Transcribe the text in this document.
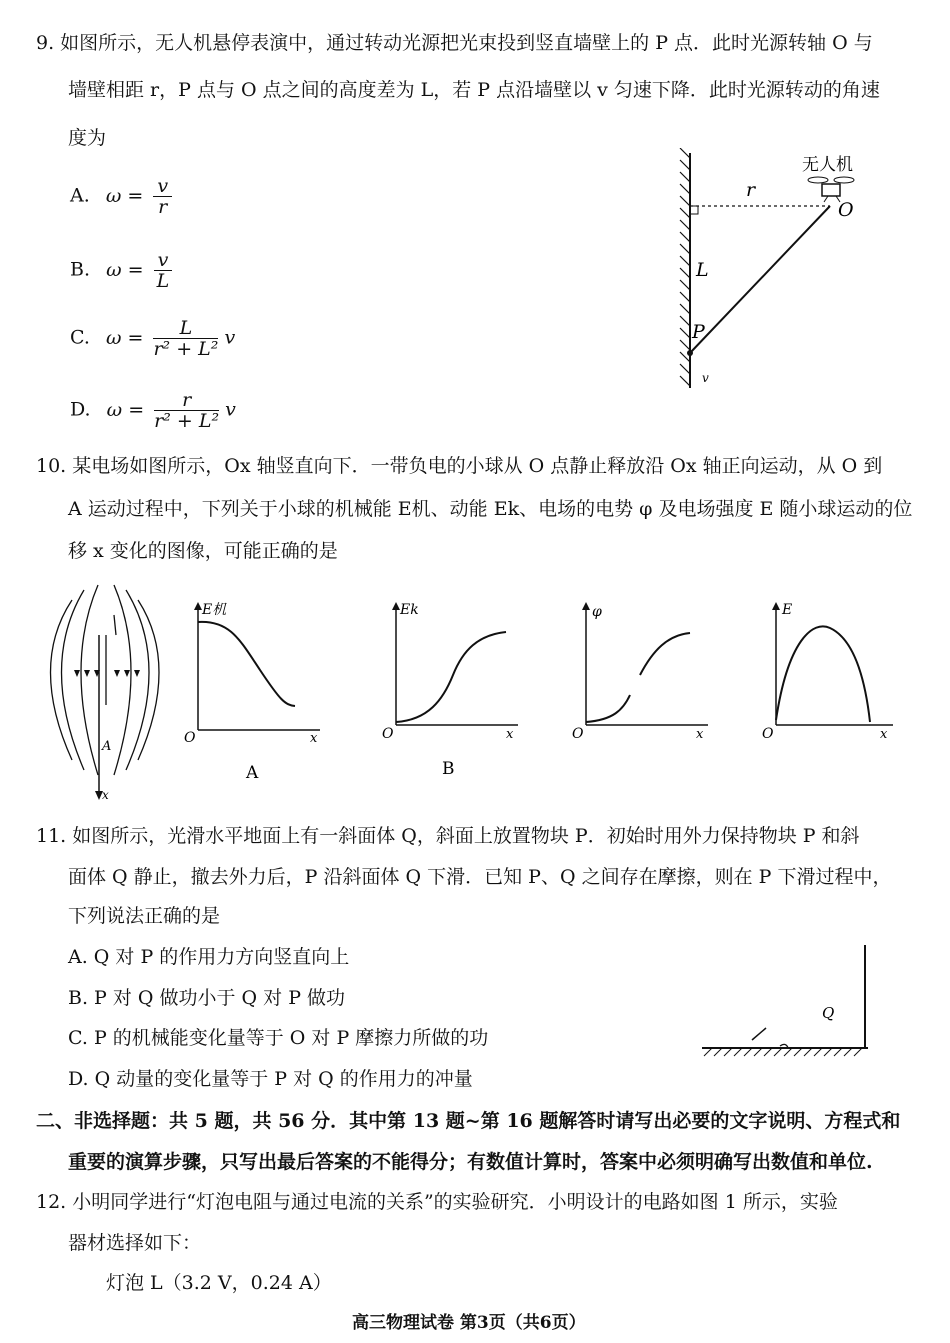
9. 如图所示，无人机悬停表演中，通过转动光源把光束投到竖直墙壁上的 P 点．此时光源转轴 O 与
墙壁相距 r，P 点与 O 点之间的高度差为 L，若 P 点沿墙壁以 v 匀速下降．此时光源转动的角速
度为
A. $\omega = \frac{v}{r}$
B. $\omega = \frac{v}{L}$
C. $\omega = \frac{L}{\text{r² + L²}}$ v
D. $\omega = \frac{r}{\text{r² + L²}}$ v
无人机
r
O
L
P
v
10. 某电场如图所示，Ox 轴竖直向下．一带负电的小球从 O 点静止释放沿 Ox 轴正向运动，从 O 到
A 运动过程中，下列关于小球的机械能 E机、动能 Ek、电场的电势 φ 及电场强度 E 随小球运动的位
移 x 变化的图像，可能正确的是
A
x
E机
O	x
A
Ek
O	x
B
φ
O	x
E
O	x
11. 如图所示，光滑水平地面上有一斜面体 Q，斜面上放置物块 P．初始时用外力保持物块 P 和斜
面体 Q 静止，撤去外力后，P 沿斜面体 Q 下滑．已知 P、Q 之间存在摩擦，则在 P 下滑过程中，
下列说法正确的是
A. Q 对 P 的作用力方向竖直向上
B. P 对 Q 做功小于 Q 对 P 做功
C. P 的机械能变化量等于 O 对 P 摩擦力所做的功
D. Q 动量的变化量等于 P 对 Q 的作用力的冲量
Q
二、非选择题：共 5 题，共 56 分．其中第 13 题~第 16 题解答时请写出必要的文字说明、方程式和
重要的演算步骤，只写出最后答案的不能得分；有数值计算时，答案中必须明确写出数值和单位.
12. 小明同学进行“灯泡电阻与通过电流的关系”的实验研究．小明设计的电路如图 1 所示，实验
器材选择如下：
灯泡 L（3.2 V，0.24 A）
高三物理试卷 第3页（共6页）
